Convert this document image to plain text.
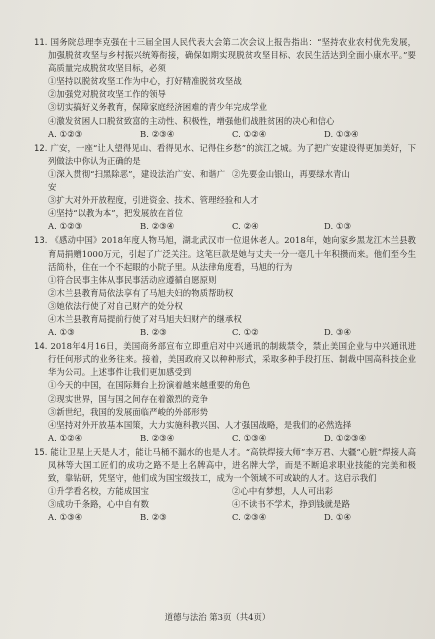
11. 国务院总理李克强在十三届全国人民代表大会第二次会议上报告指出：“坚持农业农村优先发展，加强脱贫攻坚与乡村振兴统筹衔接，确保如期实现脱贫攻坚目标、农民生活达到全面小康水平。”要高质量完成脱贫攻坚目标，必须
①坚持以脱贫攻坚工作为中心，打好精准脱贫攻坚战
②加强党对脱贫攻坚工作的领导
③切实搞好义务教育，保障家庭经济困难的青少年完成学业
④激发贫困人口脱贫致富的主动性、积极性，增强他们战胜贫困的决心和信心
A. ①②③	B. ②③④	C. ①②④	D. ①③④
12. 广安，一座“让人望得见山、看得见水、记得住乡愁”的滨江之城。为了把广安建设得更加美好，下列做法中你认为正确的是
①深入贯彻“扫黑除恶”，建设法治广安、和谐广安
②先要金山银山，再要绿水青山
③扩大对外开放程度，引进资金、技术、管理经验和人才
④坚持“以教为本”，把发展放在首位
A. ①②③	B. ②③④	C. ②④	D. ①③
13. 《感动中国》2018年度人物马旭，湖北武汉市一位退休老人。2018年，她向家乡黑龙江木兰县教育局捐赠1000万元，引起了广泛关注。这笔巨款是她与丈夫一分一毫几十年积攒而来。他们至今生活简朴，住在一个不起眼的小院子里。从法律角度看，马旭的行为
①符合民事主体从事民事活动应遵循自愿原则
②木兰县教育局依法享有了马旭夫妇的物质帮助权
③她依法行使了对自己财产的处分权
④木兰县教育局提前行使了对马旭夫妇财产的继承权
A. ①③	B. ②③	C. ①②	D. ③④
14. 2018年4月16日，美国商务部宣布立即重启对中兴通讯的制裁禁令，禁止美国企业与中兴通讯进行任何形式的业务往来。接着，美国政府又以种种形式，采取多种手段打压、制裁中国高科技企业华为公司。上述事件让我们更加感受到
①今天的中国，在国际舞台上扮演着越来越重要的角色
②现实世界，国与国之间存在着激烈的竞争
③新世纪，我国的发展面临严峻的外部形势
④坚持对外开放基本国策，大力实施科教兴国、人才强国战略，是我们的必然选择
A. ①②④	B. ②③④	C. ①③④	D. ①②③④
15. 能让卫星上天是人才，能让马桶不漏水的也是人才。“高铁焊接大师”李万君、大疆“心脏”焊接人高凤林等大国工匠们的成功之路不是上名牌高中，进名牌大学，而是不断追求职业技能的完美和极致，靠钻研，凭坚守，他们成为国宝级技工，成为一个领域不可或缺的人才。这启示我们
①升学看名校，方能成国宝	②心中有梦想，人人可出彩
③成功千条路，心中自有数	④不读书不学术，挣到钱就是路
A. ①③④	B. ②③	C. ②③④	D. ①④
道德与法治 第3页（共4页）
